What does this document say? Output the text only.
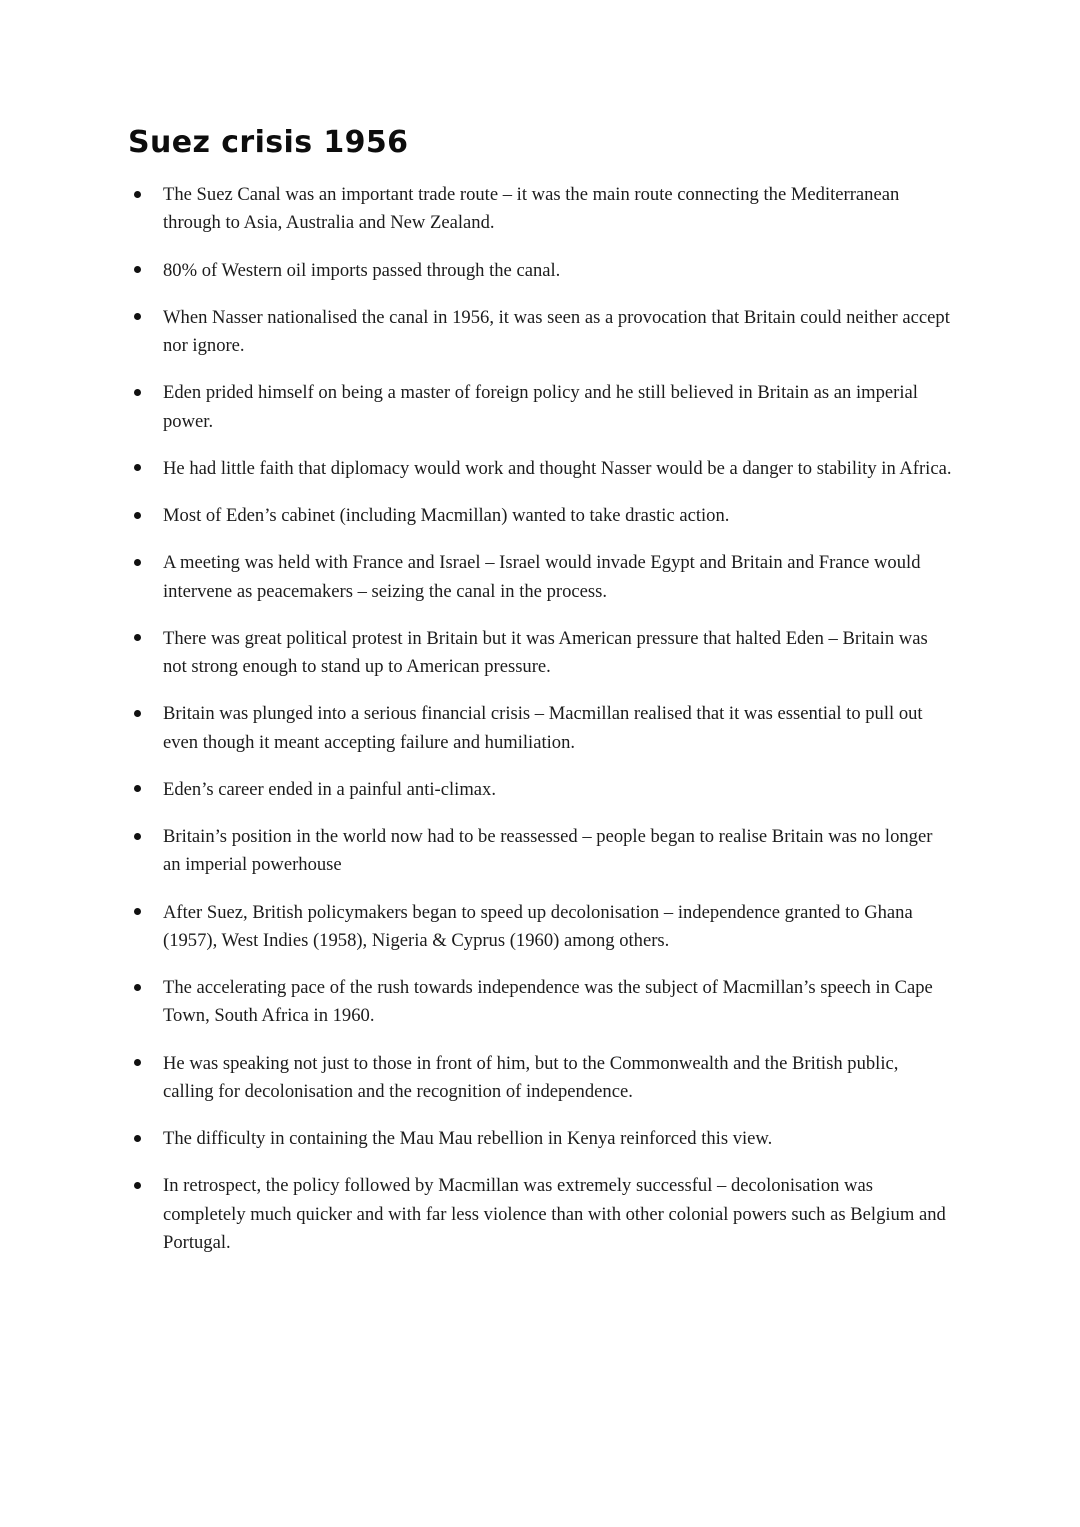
Suez crisis 1956
The Suez Canal was an important trade route – it was the main route connecting the Mediterranean through to Asia, Australia and New Zealand.
80% of Western oil imports passed through the canal.
When Nasser nationalised the canal in 1956, it was seen as a provocation that Britain could neither accept nor ignore.
Eden prided himself on being a master of foreign policy and he still believed in Britain as an imperial power.
He had little faith that diplomacy would work and thought Nasser would be a danger to stability in Africa.
Most of Eden’s cabinet (including Macmillan) wanted to take drastic action.
A meeting was held with France and Israel – Israel would invade Egypt and Britain and France would intervene as peacemakers – seizing the canal in the process.
There was great political protest in Britain but it was American pressure that halted Eden – Britain was not strong enough to stand up to American pressure.
Britain was plunged into a serious financial crisis – Macmillan realised that it was essential to pull out even though it meant accepting failure and humiliation.
Eden’s career ended in a painful anti-climax.
Britain’s position in the world now had to be reassessed – people began to realise Britain was no longer an imperial powerhouse
After Suez, British policymakers began to speed up decolonisation – independence granted to Ghana (1957), West Indies (1958), Nigeria & Cyprus (1960) among others.
The accelerating pace of the rush towards independence was the subject of Macmillan’s speech in Cape Town, South Africa in 1960.
He was speaking not just to those in front of him, but to the Commonwealth and the British public, calling for decolonisation and the recognition of independence.
The difficulty in containing the Mau Mau rebellion in Kenya reinforced this view.
In retrospect, the policy followed by Macmillan was extremely successful – decolonisation was completely much quicker and with far less violence than with other colonial powers such as Belgium and Portugal.
